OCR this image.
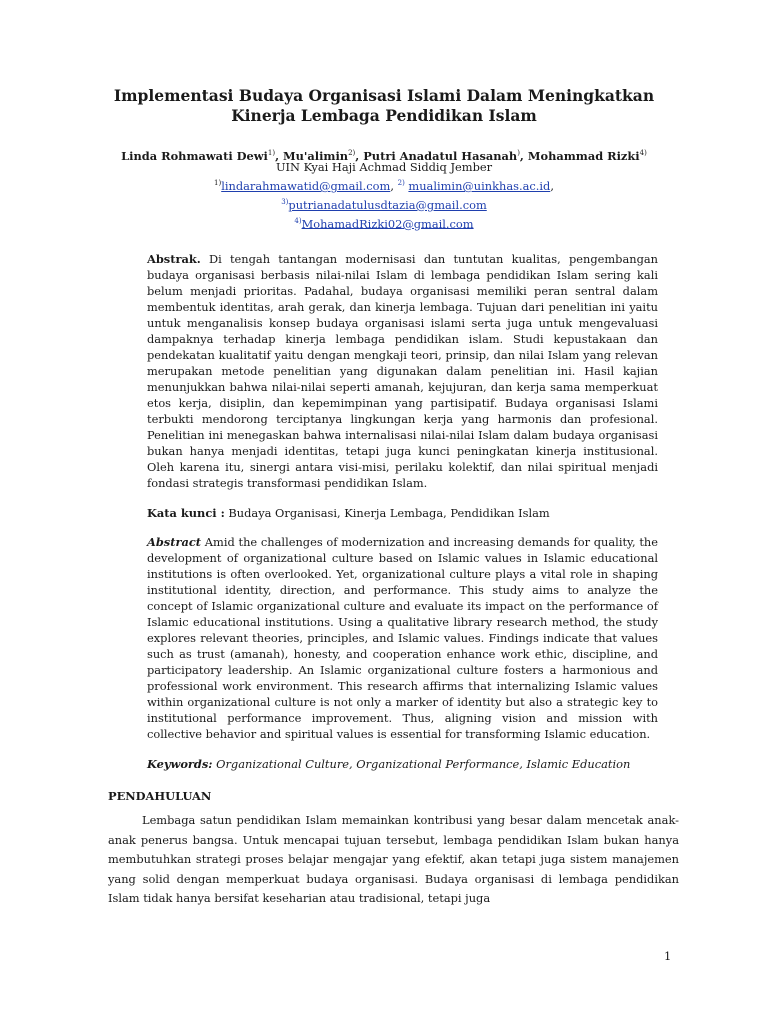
Implementasi Budaya Organisasi Islami Dalam Meningkatkan
Kinerja Lembaga Pendidikan Islam
Linda Rohmawati Dewi$^{1)}$, Mu'alimin$^{2)}$, Putri Anadatul Hasanah), Mohammad Rizki$^{4)}$
UIN Kyai Haji Achmad Siddiq Jember
$^{1)}$lindarahmawatid@gmail.com, $^{2)}$ mualimin@uinkhas.ac.id,
$^{3)}$putrianadatulusdtazia@gmail.com
$^{4)}$MohamadRizki02@gmail.com

Abstrak. Di tengah tantangan modernisasi dan tuntutan kualitas, pengembangan budaya organisasi berbasis nilai-nilai Islam di lembaga pendidikan Islam sering kali belum menjadi prioritas. Padahal, budaya organisasi memiliki peran sentral dalam membentuk identitas, arah gerak, dan kinerja lembaga. Tujuan dari penelitian ini yaitu untuk menganalisis konsep budaya organisasi islami serta juga untuk mengevaluasi dampaknya terhadap kinerja lembaga pendidikan islam. Studi kepustakaan dan pendekatan kualitatif yaitu dengan mengkaji teori, prinsip, dan nilai Islam yang relevan merupakan metode penelitian yang digunakan dalam penelitian ini. Hasil kajian menunjukkan bahwa nilai-nilai seperti amanah, kejujuran, dan kerja sama memperkuat etos kerja, disiplin, dan kepemimpinan yang partisipatif. Budaya organisasi Islami terbukti mendorong terciptanya lingkungan kerja yang harmonis dan profesional. Penelitian ini menegaskan bahwa internalisasi nilai-nilai Islam dalam budaya organisasi bukan hanya menjadi identitas, tetapi juga kunci peningkatan kinerja institusional. Oleh karena itu, sinergi antara visi-misi, perilaku kolektif, dan nilai spiritual menjadi fondasi strategis transformasi pendidikan Islam.

Kata kunci : Budaya Organisasi, Kinerja Lembaga, Pendidikan Islam

Abstract Amid the challenges of modernization and increasing demands for quality, the development of organizational culture based on Islamic values in Islamic educational institutions is often overlooked. Yet, organizational culture plays a vital role in shaping institutional identity, direction, and performance. This study aims to analyze the concept of Islamic organizational culture and evaluate its impact on the performance of Islamic educational institutions. Using a qualitative library research method, the study explores relevant theories, principles, and Islamic values. Findings indicate that values such as trust (amanah), honesty, and cooperation enhance work ethic, discipline, and participatory leadership. An Islamic organizational culture fosters a harmonious and professional work environment. This research affirms that internalizing Islamic values within organizational culture is not only a marker of identity but also a strategic key to institutional performance improvement. Thus, aligning vision and mission with collective behavior and spiritual values is essential for transforming Islamic education.

Keywords: Organizational Culture, Organizational Performance, Islamic Education
PENDAHULUAN

Lembaga satun pendidikan Islam memainkan kontribusi yang besar dalam mencetak anak-anak penerus bangsa. Untuk mencapai tujuan tersebut, lembaga pendidikan Islam bukan hanya membutuhkan strategi proses belajar mengajar yang efektif, akan tetapi juga sistem manajemen yang solid dengan memperkuat budaya organisasi. Budaya organisasi di lembaga pendidikan Islam tidak hanya bersifat keseharian atau tradisional, tetapi juga

1
